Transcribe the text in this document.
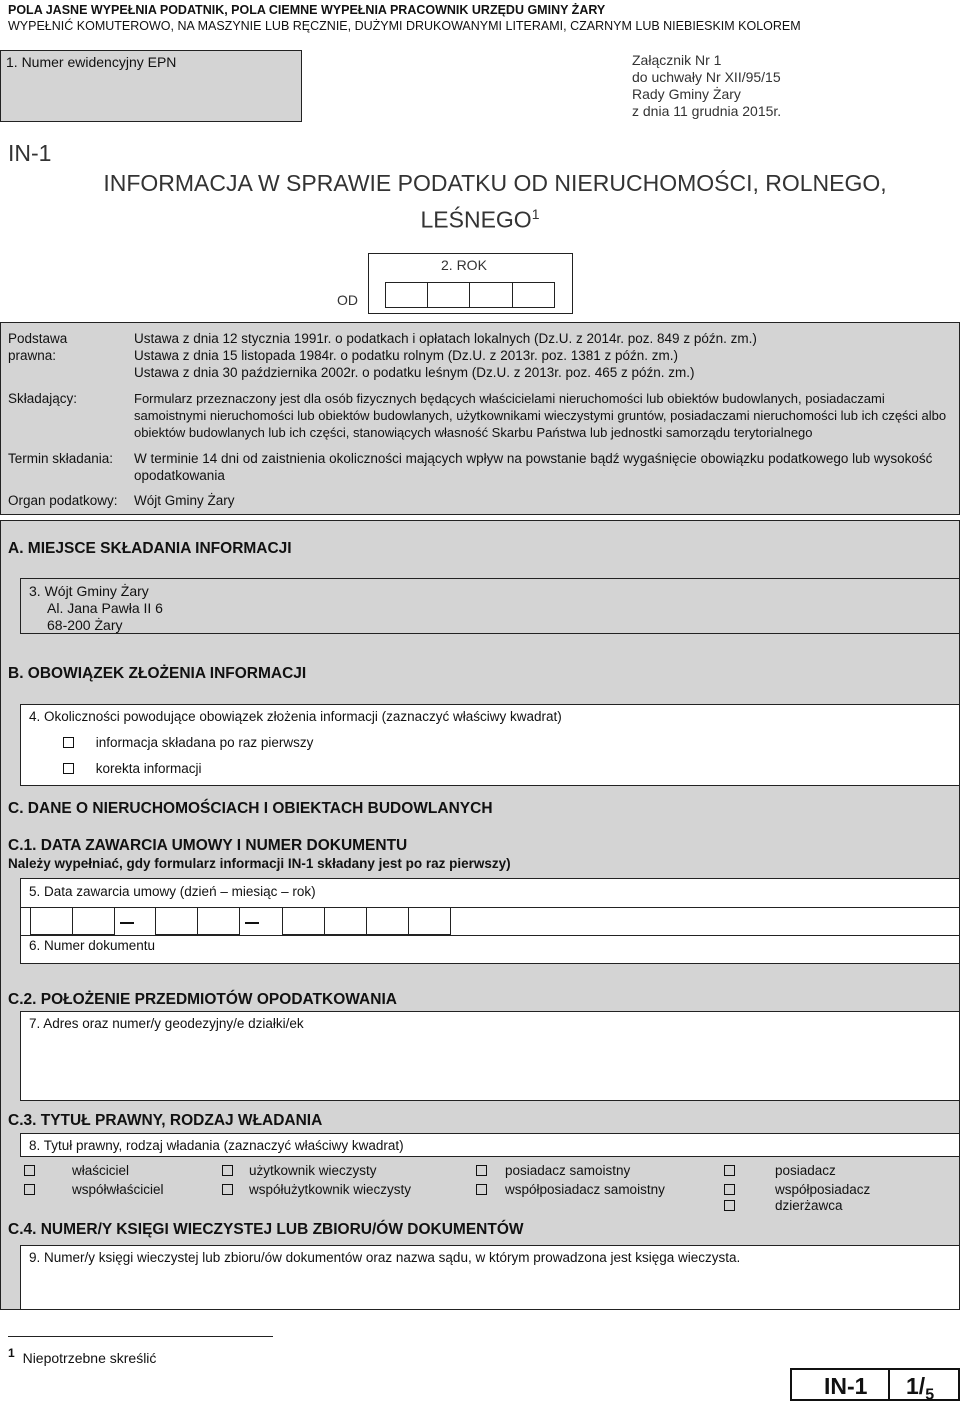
POLA JASNE WYPEŁNIA PODATNIK, POLA CIEMNE WYPEŁNIA PRACOWNIK URZĘDU GMINY ŻARY
WYPEŁNIĆ KOMUTEROWO, NA MASZYNIE LUB RĘCZNIE, DUŻYMI DRUKOWANYMI LITERAMI, CZARNYM LUB NIEBIESKIM KOLOREM
1. Numer ewidencyjny EPN	Załącznik Nr 1
do uchwały Nr XII/95/15
Rady Gminy Żary
z dnia 11 grudnia 2015r.
IN-1
INFORMACJA W SPRAWIE PODATKU OD NIERUCHOMOŚCI, ROLNEGO,
LEŚNEGO$^1$
2. ROK
OD
Podstawa
prawna:
Ustawa z dnia 12 stycznia 1991r. o podatkach i opłatach lokalnych (Dz.U. z 2014r. poz. 849 z późn. zm.)
Ustawa z dnia 15 listopada 1984r. o podatku rolnym (Dz.U. z 2013r. poz. 1381 z późn. zm.)
Ustawa z dnia 30 października 2002r. o podatku leśnym (Dz.U. z 2013r. poz. 465 z późn. zm.)
Składający:	Formularz przeznaczony jest dla osób fizycznych będących właścicielami nieruchomości lub obiektów budowlanych, posiadaczami samoistnymi nieruchomości lub obiektów budowlanych, użytkownikami wieczystymi gruntów, posiadaczami nieruchomości lub ich części albo obiektów budowlanych lub ich części, stanowiących własność Skarbu Państwa lub jednostki samorządu terytorialnego
Termin składania: W terminie 14 dni od zaistnienia okoliczności mających wpływ na powstanie bądź wygaśnięcie obowiązku podatkowego lub wysokość opodatkowania
Organ podatkowy: Wójt Gminy Żary
A. MIEJSCE SKŁADANIA INFORMACJI
3. Wójt Gminy Żary
Al. Jana Pawła II 6
68-200 Żary
B. OBOWIĄZEK ZŁOŻENIA INFORMACJI
4. Okoliczności powodujące obowiązek złożenia informacji (zaznaczyć właściwy kwadrat)
informacja składana po raz pierwszy
korekta informacji
C. DANE O NIERUCHOMOŚCIACH I OBIEKTACH BUDOWLANYCH
C.1. DATA ZAWARCIA UMOWY I NUMER DOKUMENTU
Należy wypełniać, gdy formularz informacji IN-1 składany jest po raz pierwszy)
5. Data zawarcia umowy (dzień – miesiąc – rok)
6. Numer dokumentu
C.2. POŁOŻENIE PRZEDMIOTÓW OPODATKOWANIA
7. Adres oraz numer/y geodezyjny/e działki/ek
C.3. TYTUŁ PRAWNY, RODZAJ WŁADANIA
8. Tytuł prawny, rodzaj władania (zaznaczyć właściwy kwadrat)
właściciel
współwłaściciel
użytkownik wieczysty
współużytkownik wieczysty
posiadacz samoistny
współposiadacz samoistny
posiadacz
współposiadacz
dzierżawca
C.4. NUMER/Y KSIĘGI WIECZYSTEJ LUB ZBIORU/ÓW DOKUMENTÓW
9. Numer/y księgi wieczystej lub zbioru/ów dokumentów oraz nazwa sądu, w którym prowadzona jest księga wieczysta.
$^1$ Niepotrzebne skreślić
IN-1 $1/_5$
